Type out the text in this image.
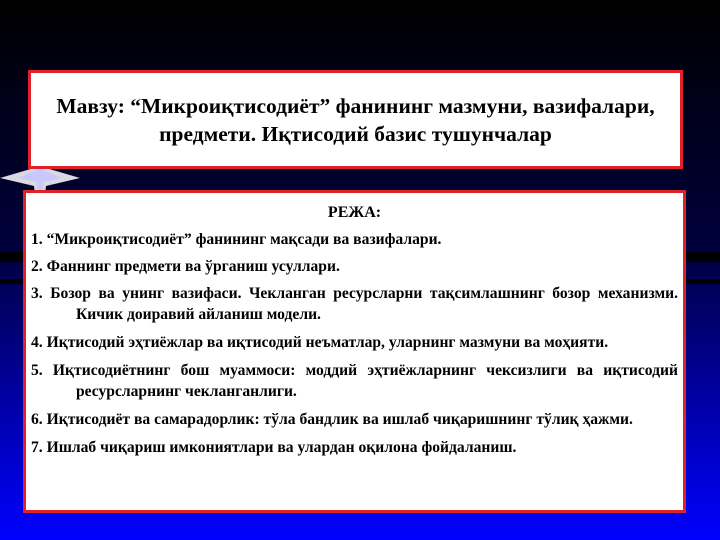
Мавзу: “Микроиқтисодиёт” фанининг мазмуни, вазифалари, предмети. Иқтисодий базис тушунчалар
РЕЖА:
1. “Микроиқтисодиёт” фанининг мақсади ва вазифалари.
2. Фаннинг предмети ва ўрганиш усуллари.
3. Бозор ва унинг вазифаси. Чекланган ресурсларни тақсимлашнинг бозор механизми. Кичик доиравий айланиш модели.
4. Иқтисодий эҳтиёжлар ва иқтисодий неъматлар, уларнинг мазмуни ва моҳияти.
5. Иқтисодиётнинг бош муаммоси: моддий эҳтиёжларнинг чексизлиги ва иқтисодий ресурсларнинг чекланганлиги.
6. Иқтисодиёт ва самарадорлик: тўла бандлик ва ишлаб чиқаришнинг тўлиқ ҳажми.
7. Ишлаб чиқариш имкониятлари ва улардан оқилона фойдаланиш.
